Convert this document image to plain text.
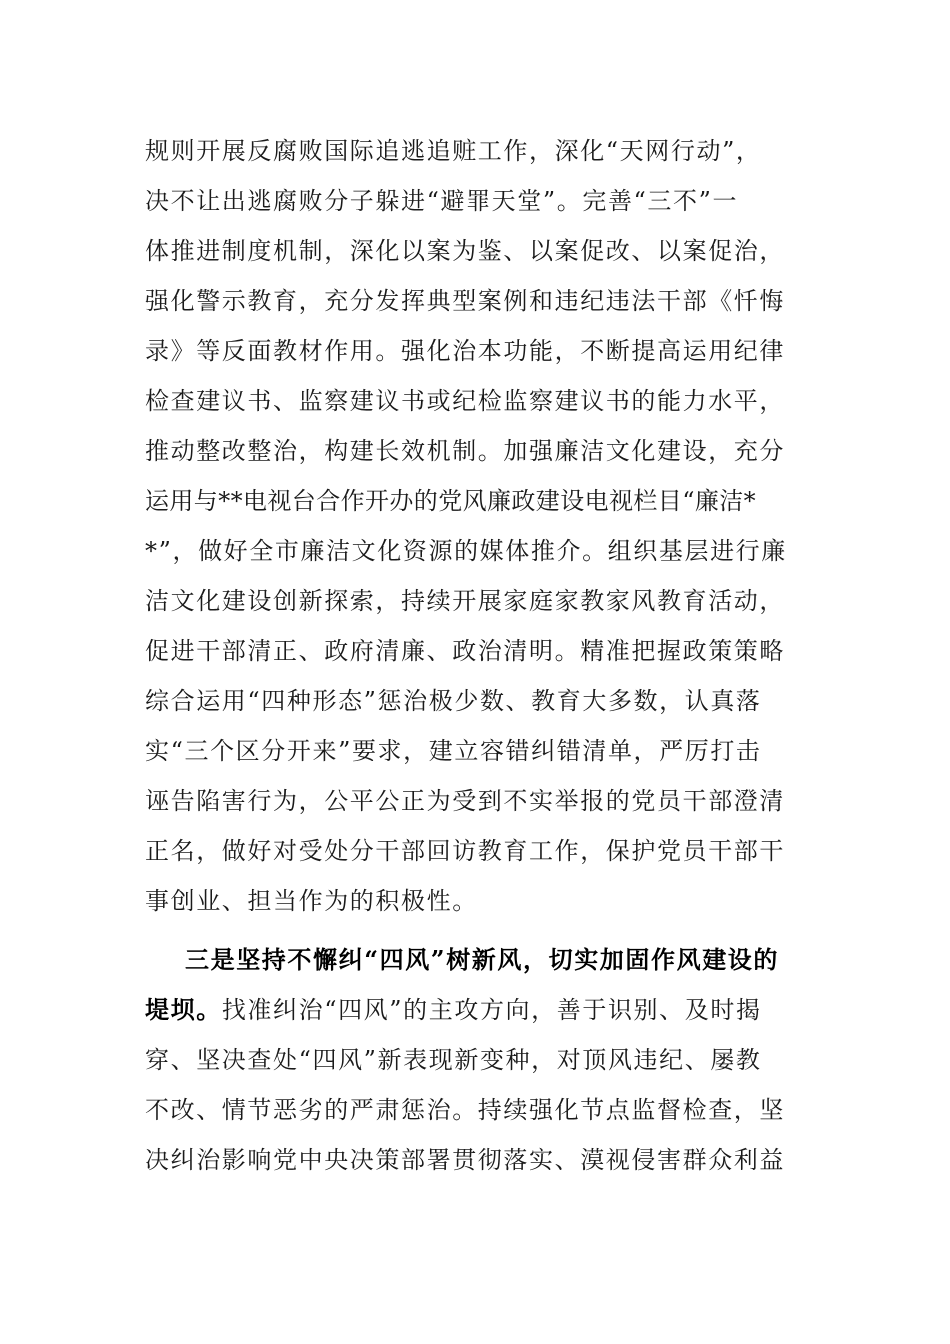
规则开展反腐败国际追逃追赃工作，深化“天网行动”，
决不让出逃腐败分子躲进“避罪天堂”。完善“三不”一
体推进制度机制，深化以案为鉴、以案促改、以案促治，
强化警示教育，充分发挥典型案例和违纪违法干部《忏悔
录》等反面教材作用。强化治本功能，不断提高运用纪律
检查建议书、监察建议书或纪检监察建议书的能力水平，
推动整改整治，构建长效机制。加强廉洁文化建设，充分
运用与**电视台合作开办的党风廉政建设电视栏目“廉洁*
*”，做好全市廉洁文化资源的媒体推介。组织基层进行廉
洁文化建设创新探索，持续开展家庭家教家风教育活动，
促进干部清正、政府清廉、政治清明。精准把握政策策略
综合运用“四种形态”惩治极少数、教育大多数，认真落
实“三个区分开来”要求，建立容错纠错清单，严厉打击
诬告陷害行为，公平公正为受到不实举报的党员干部澄清
正名，做好对受处分干部回访教育工作，保护党员干部干
事创业、担当作为的积极性。
三是坚持不懈纠“四风”树新风，切实加固作风建设的
堤坝。找准纠治“四风”的主攻方向，善于识别、及时揭
穿、坚决查处“四风”新表现新变种，对顶风违纪、屡教
不改、情节恶劣的严肃惩治。持续强化节点监督检查，坚
决纠治影响党中央决策部署贯彻落实、漠视侵害群众利益
